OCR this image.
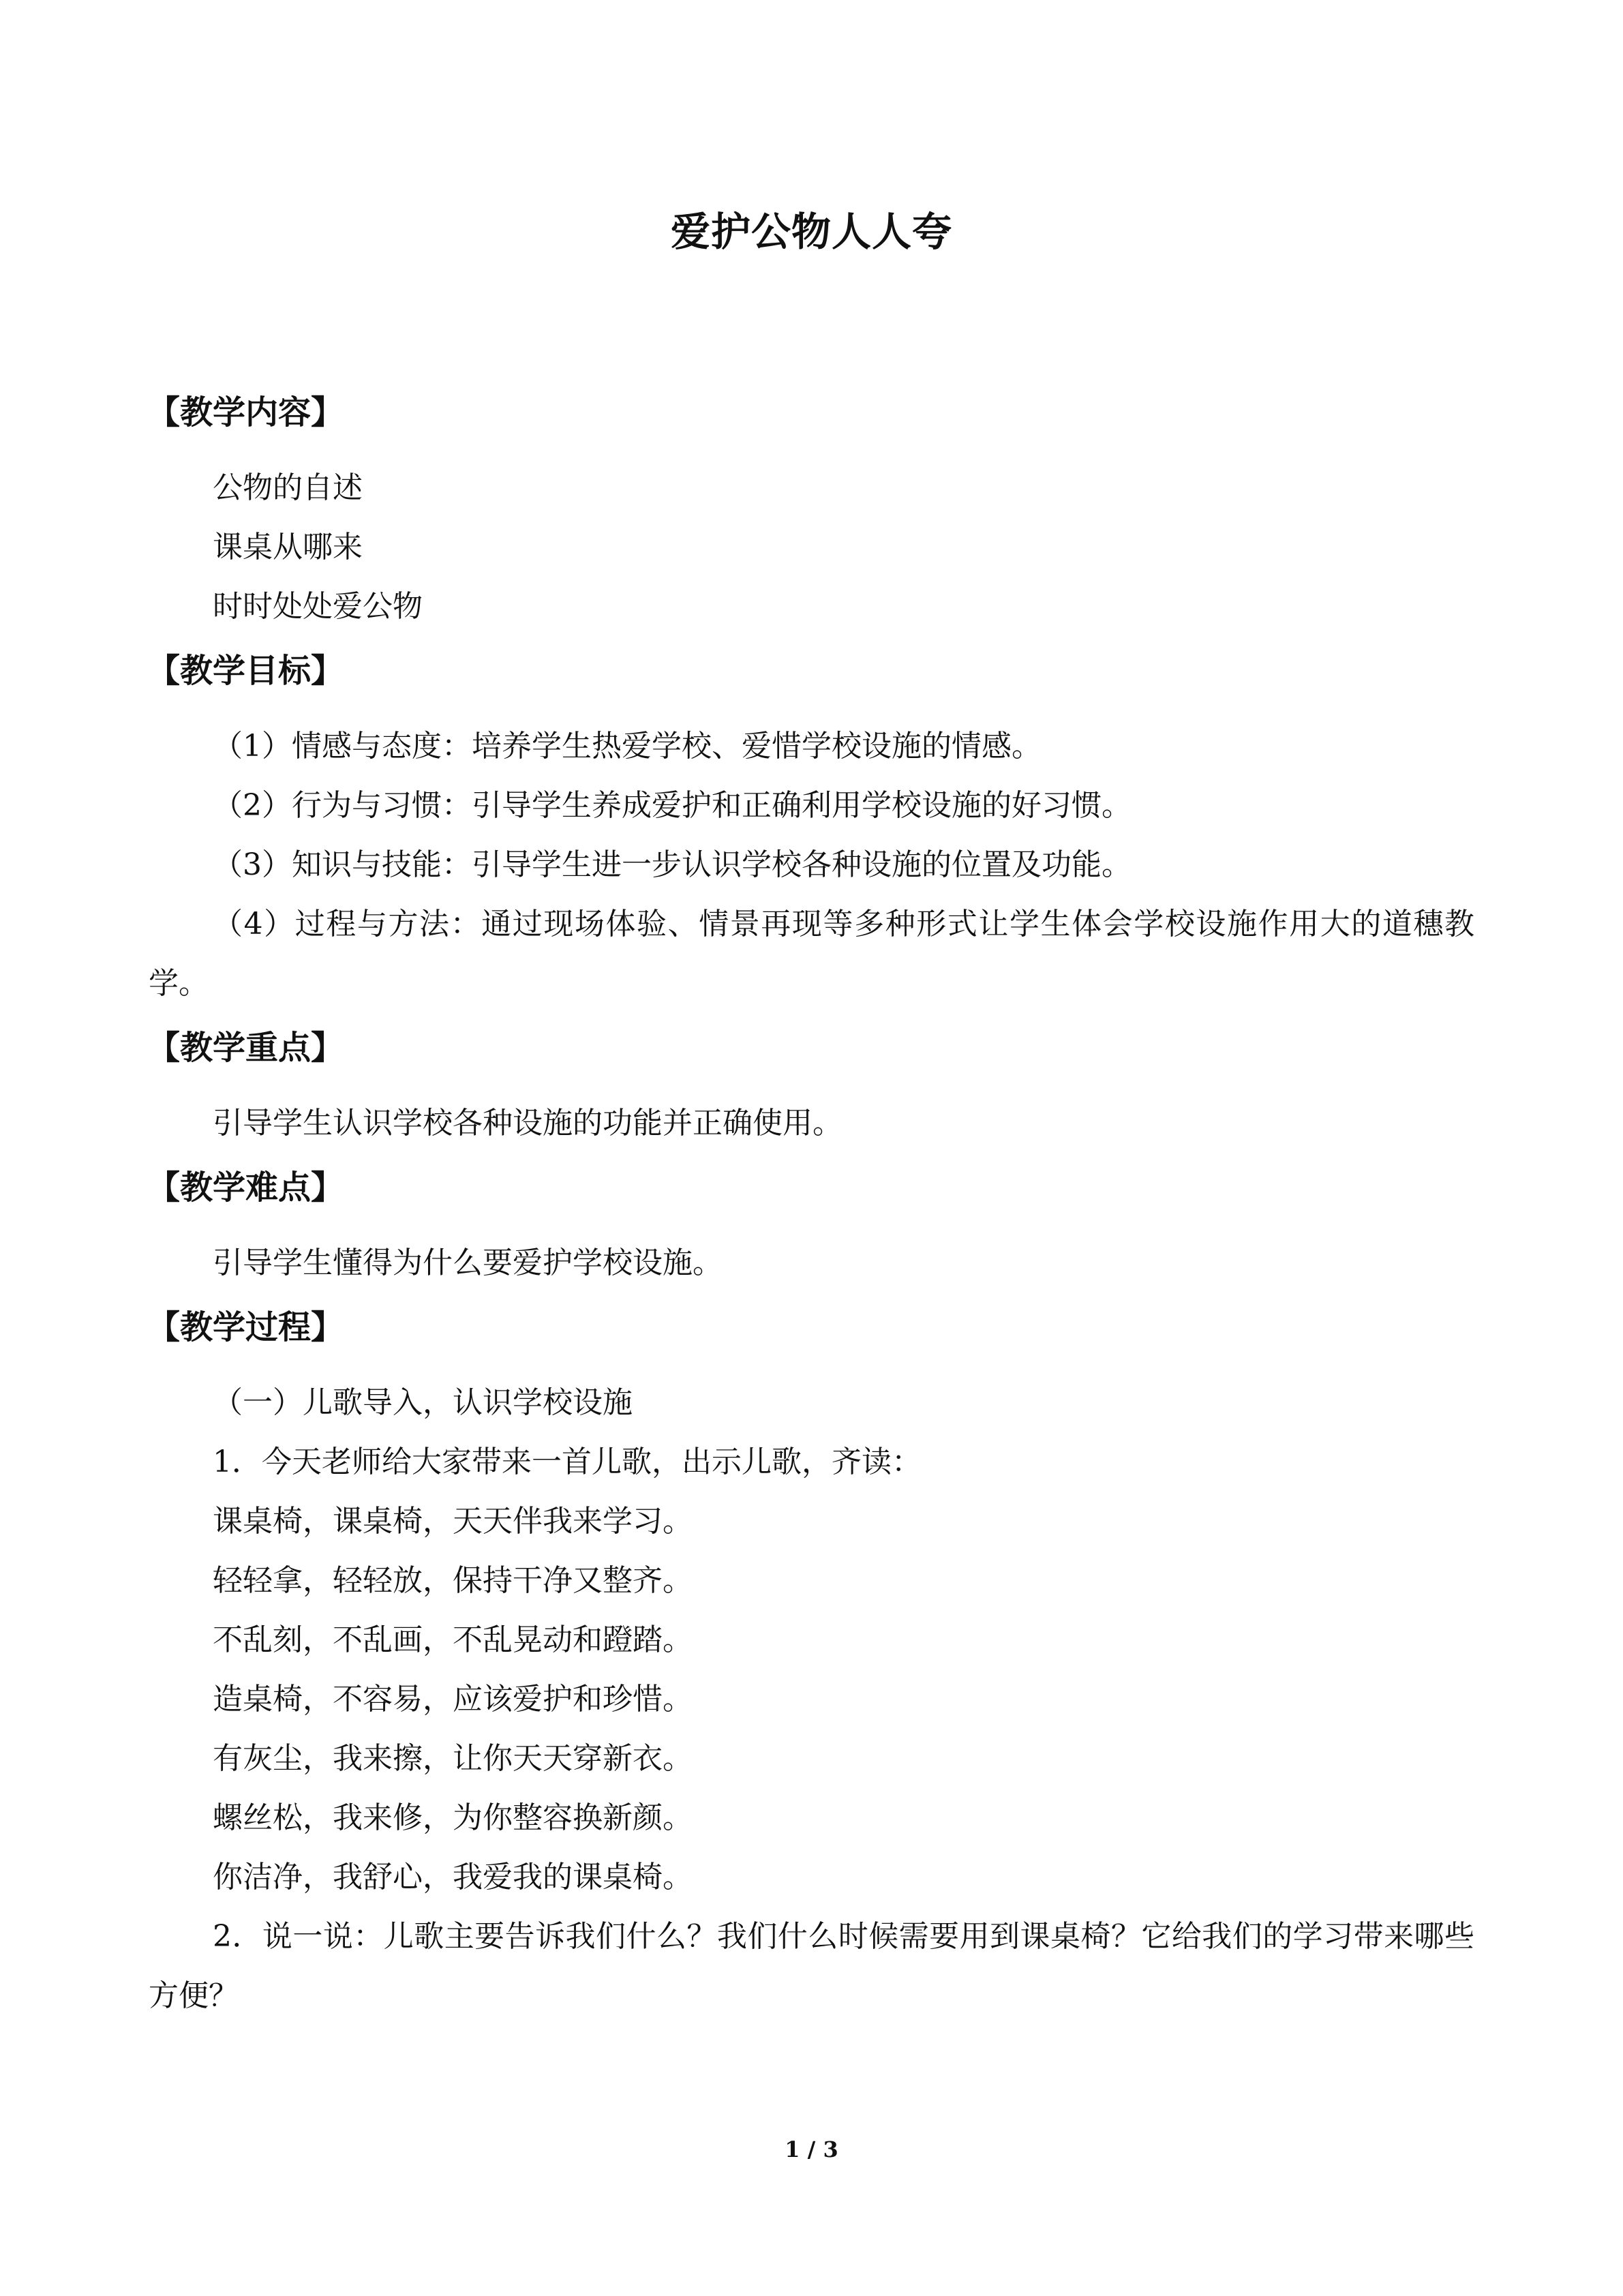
爱护公物人人夸
【教学内容】
公物的自述
课桌从哪来
时时处处爱公物
【教学目标】
（1）情感与态度：培养学生热爱学校、爱惜学校设施的情感。
（2）行为与习惯：引导学生养成爱护和正确利用学校设施的好习惯。
（3）知识与技能：引导学生进一步认识学校各种设施的位置及功能。
（4）过程与方法：通过现场体验、情景再现等多种形式让学生体会学校设施作用大的道穗教学。
【教学重点】
引导学生认识学校各种设施的功能并正确使用。
【教学难点】
引导学生懂得为什么要爱护学校设施。
【教学过程】
（一）儿歌导入，认识学校设施
1．今天老师给大家带来一首儿歌，出示儿歌，齐读：
课桌椅，课桌椅，天天伴我来学习。
轻轻拿，轻轻放，保持干净又整齐。
不乱刻，不乱画，不乱晃动和蹬踏。
造桌椅，不容易，应该爱护和珍惜。
有灰尘，我来擦，让你天天穿新衣。
螺丝松，我来修，为你整容换新颜。
你洁净，我舒心，我爱我的课桌椅。
2．说一说：儿歌主要告诉我们什么？我们什么时候需要用到课桌椅？它给我们的学习带来哪些方便？
1 / 3
